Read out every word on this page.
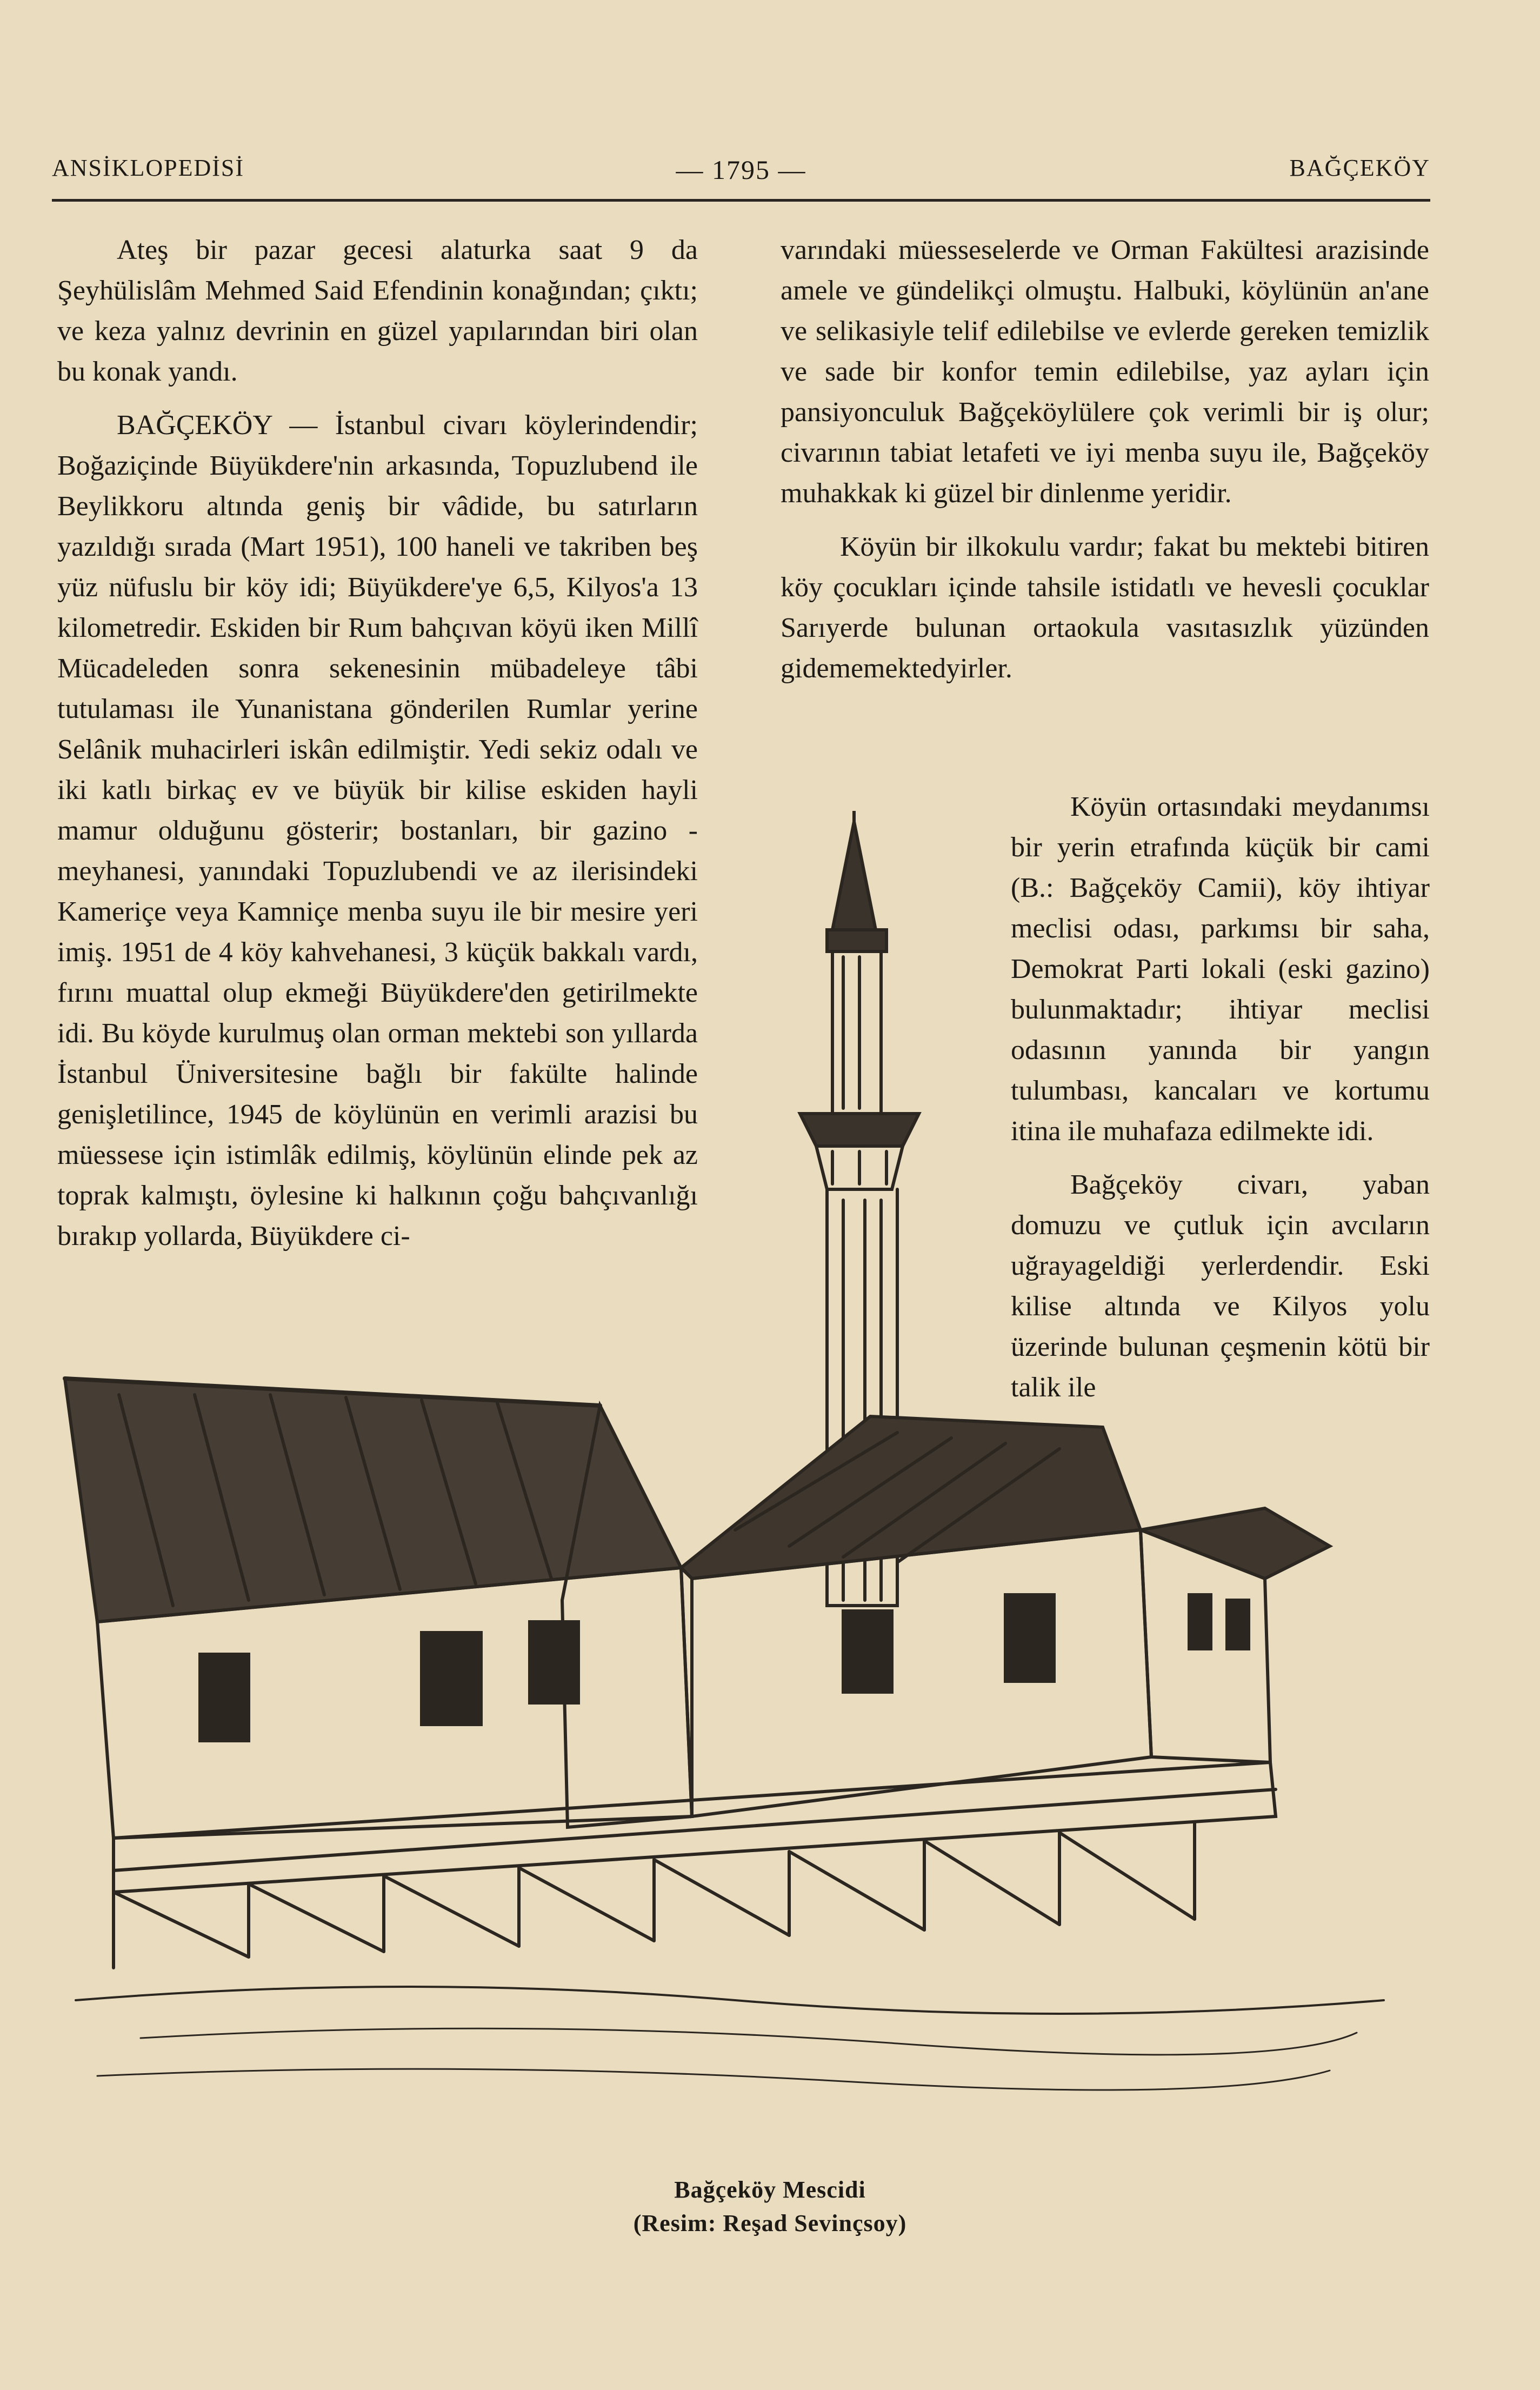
ANSİKLOPEDİSİ	— 1795 —	BAĞÇEKÖY

Ateş bir pazar gecesi alaturka saat 9 da Şeyhülislâm Mehmed Said Efendinin konağından; çıktı; ve keza yalnız devrinin en güzel yapılarından biri olan bu konak yandı.

BAĞÇEKÖY — İstanbul civarı köylerindendir; Boğaziçinde Büyükdere'nin arkasında, Topuzlubend ile Beylikkoru altında geniş bir vâdide, bu satırların yazıldığı sırada (Mart 1951), 100 haneli ve takriben beş yüz nüfuslu bir köy idi; Büyükdere'ye 6,5, Kilyos'a 13 kilometredir. Eskiden bir Rum bahçıvan köyü iken Millî Mücadeleden sonra sekenesinin mübadeleye tâbi tutulaması ile Yunanistana gönderilen Rumlar yerine Selânik muhacirleri iskân edilmiştir. Yedi sekiz odalı ve iki katlı birkaç ev ve büyük bir kilise eskiden hayli mamur olduğunu gösterir; bostanları, bir gazino - meyhanesi, yanındaki Topuzlubendi ve az ilerisindeki Kameriçe veya Kamniçe menba suyu ile bir mesire yeri imiş. 1951 de 4 köy kahvehanesi, 3 küçük bakkalı vardı, fırını muattal olup ekmeği Büyükdere'den getirilmekte idi. Bu köyde kurulmuş olan orman mektebi son yıllarda İstanbul Üniversitesine bağlı bir fakülte halinde genişletilince, 1945 de köylünün en verimli arazisi bu müessese için istimlâk edilmiş, köylünün elinde pek az toprak kalmıştı, öylesine ki halkının çoğu bahçıvanlığı bırakıp yollarda, Büyükdere ci-

varındaki müesseselerde ve Orman Fakültesi arazisinde amele ve gündelikçi olmuştu. Halbuki, köylünün an'ane ve selikasiyle telif edilebilse ve evlerde gereken temizlik ve sade bir konfor temin edilebilse, yaz ayları için pansiyonculuk Bağçeköylülere çok verimli bir iş olur; civarının tabiat letafeti ve iyi menba suyu ile, Bağçeköy muhakkak ki güzel bir dinlenme yeridir.

Köyün bir ilkokulu vardır; fakat bu mektebi bitiren köy çocukları içinde tahsile istidatlı ve hevesli çocuklar Sarıyerde bulunan ortaokula vasıtasızlık yüzünden gidememektedyirler.

Köyün ortasındaki meydanımsı bir yerin etrafında küçük bir cami (B.: Bağçeköy Camii), köy ihtiyar meclisi odası, parkımsı bir saha, Demokrat Parti lokali (eski gazino) bulunmaktadır; ihtiyar meclisi odasının yanında bir yangın tulumbası, kancaları ve kortumu itina ile muhafaza edilmekte idi.

Bağçeköy civarı, yaban domuzu ve çutluk için avcıların uğrayageldiği yerlerdendir. Eski kilise altında ve Kilyos yolu üzerinde bulunan çeşmenin kötü bir talik ile

Bağçeköy Mescidi
(Resim: Reşad Sevinçsoy)
